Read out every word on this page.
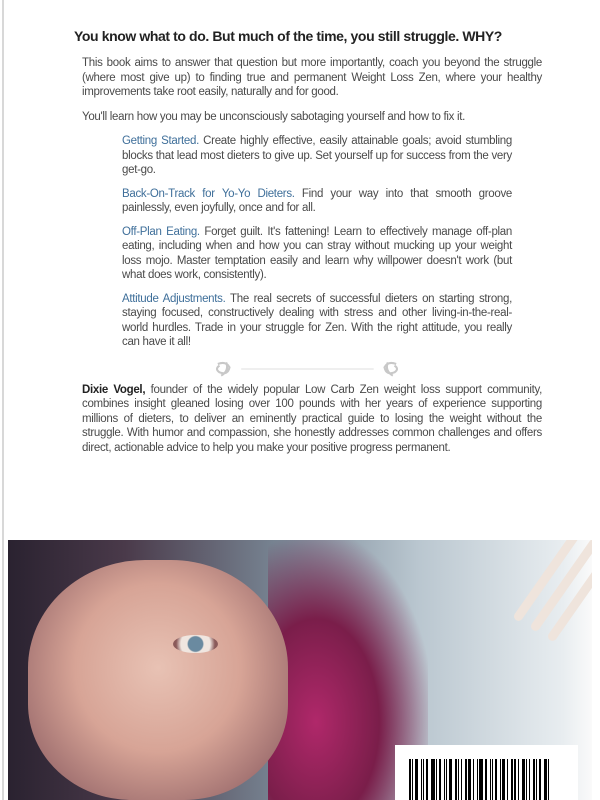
You know what to do. But much of the time, you still struggle. WHY?
This book aims to answer that question but more importantly, coach you beyond the struggle (where most give up) to finding true and permanent Weight Loss Zen, where your healthy improvements take root easily, naturally and for good.
You'll learn how you may be unconsciously sabotaging yourself and how to fix it.
Getting Started. Create highly effective, easily attainable goals; avoid stumbling blocks that lead most dieters to give up. Set yourself up for success from the very get-go.
Back-On-Track for Yo-Yo Dieters. Find your way into that smooth groove painlessly, even joyfully, once and for all.
Off-Plan Eating. Forget guilt. It's fattening! Learn to effectively manage off-plan eating, including when and how you can stray without mucking up your weight loss mojo. Master temptation easily and learn why willpower doesn't work (but what does work, consistently).
Attitude Adjustments. The real secrets of successful dieters on starting strong, staying focused, constructively dealing with stress and other living-in-the-real-world hurdles. Trade in your struggle for Zen. With the right attitude, you really can have it all!
Dixie Vogel, founder of the widely popular Low Carb Zen weight loss support community, combines insight gleaned losing over 100 pounds with her years of experience supporting millions of dieters, to deliver an eminently practical guide to losing the weight without the struggle. With humor and compassion, she honestly addresses common challenges and offers direct, actionable advice to help you make your positive progress permanent.
